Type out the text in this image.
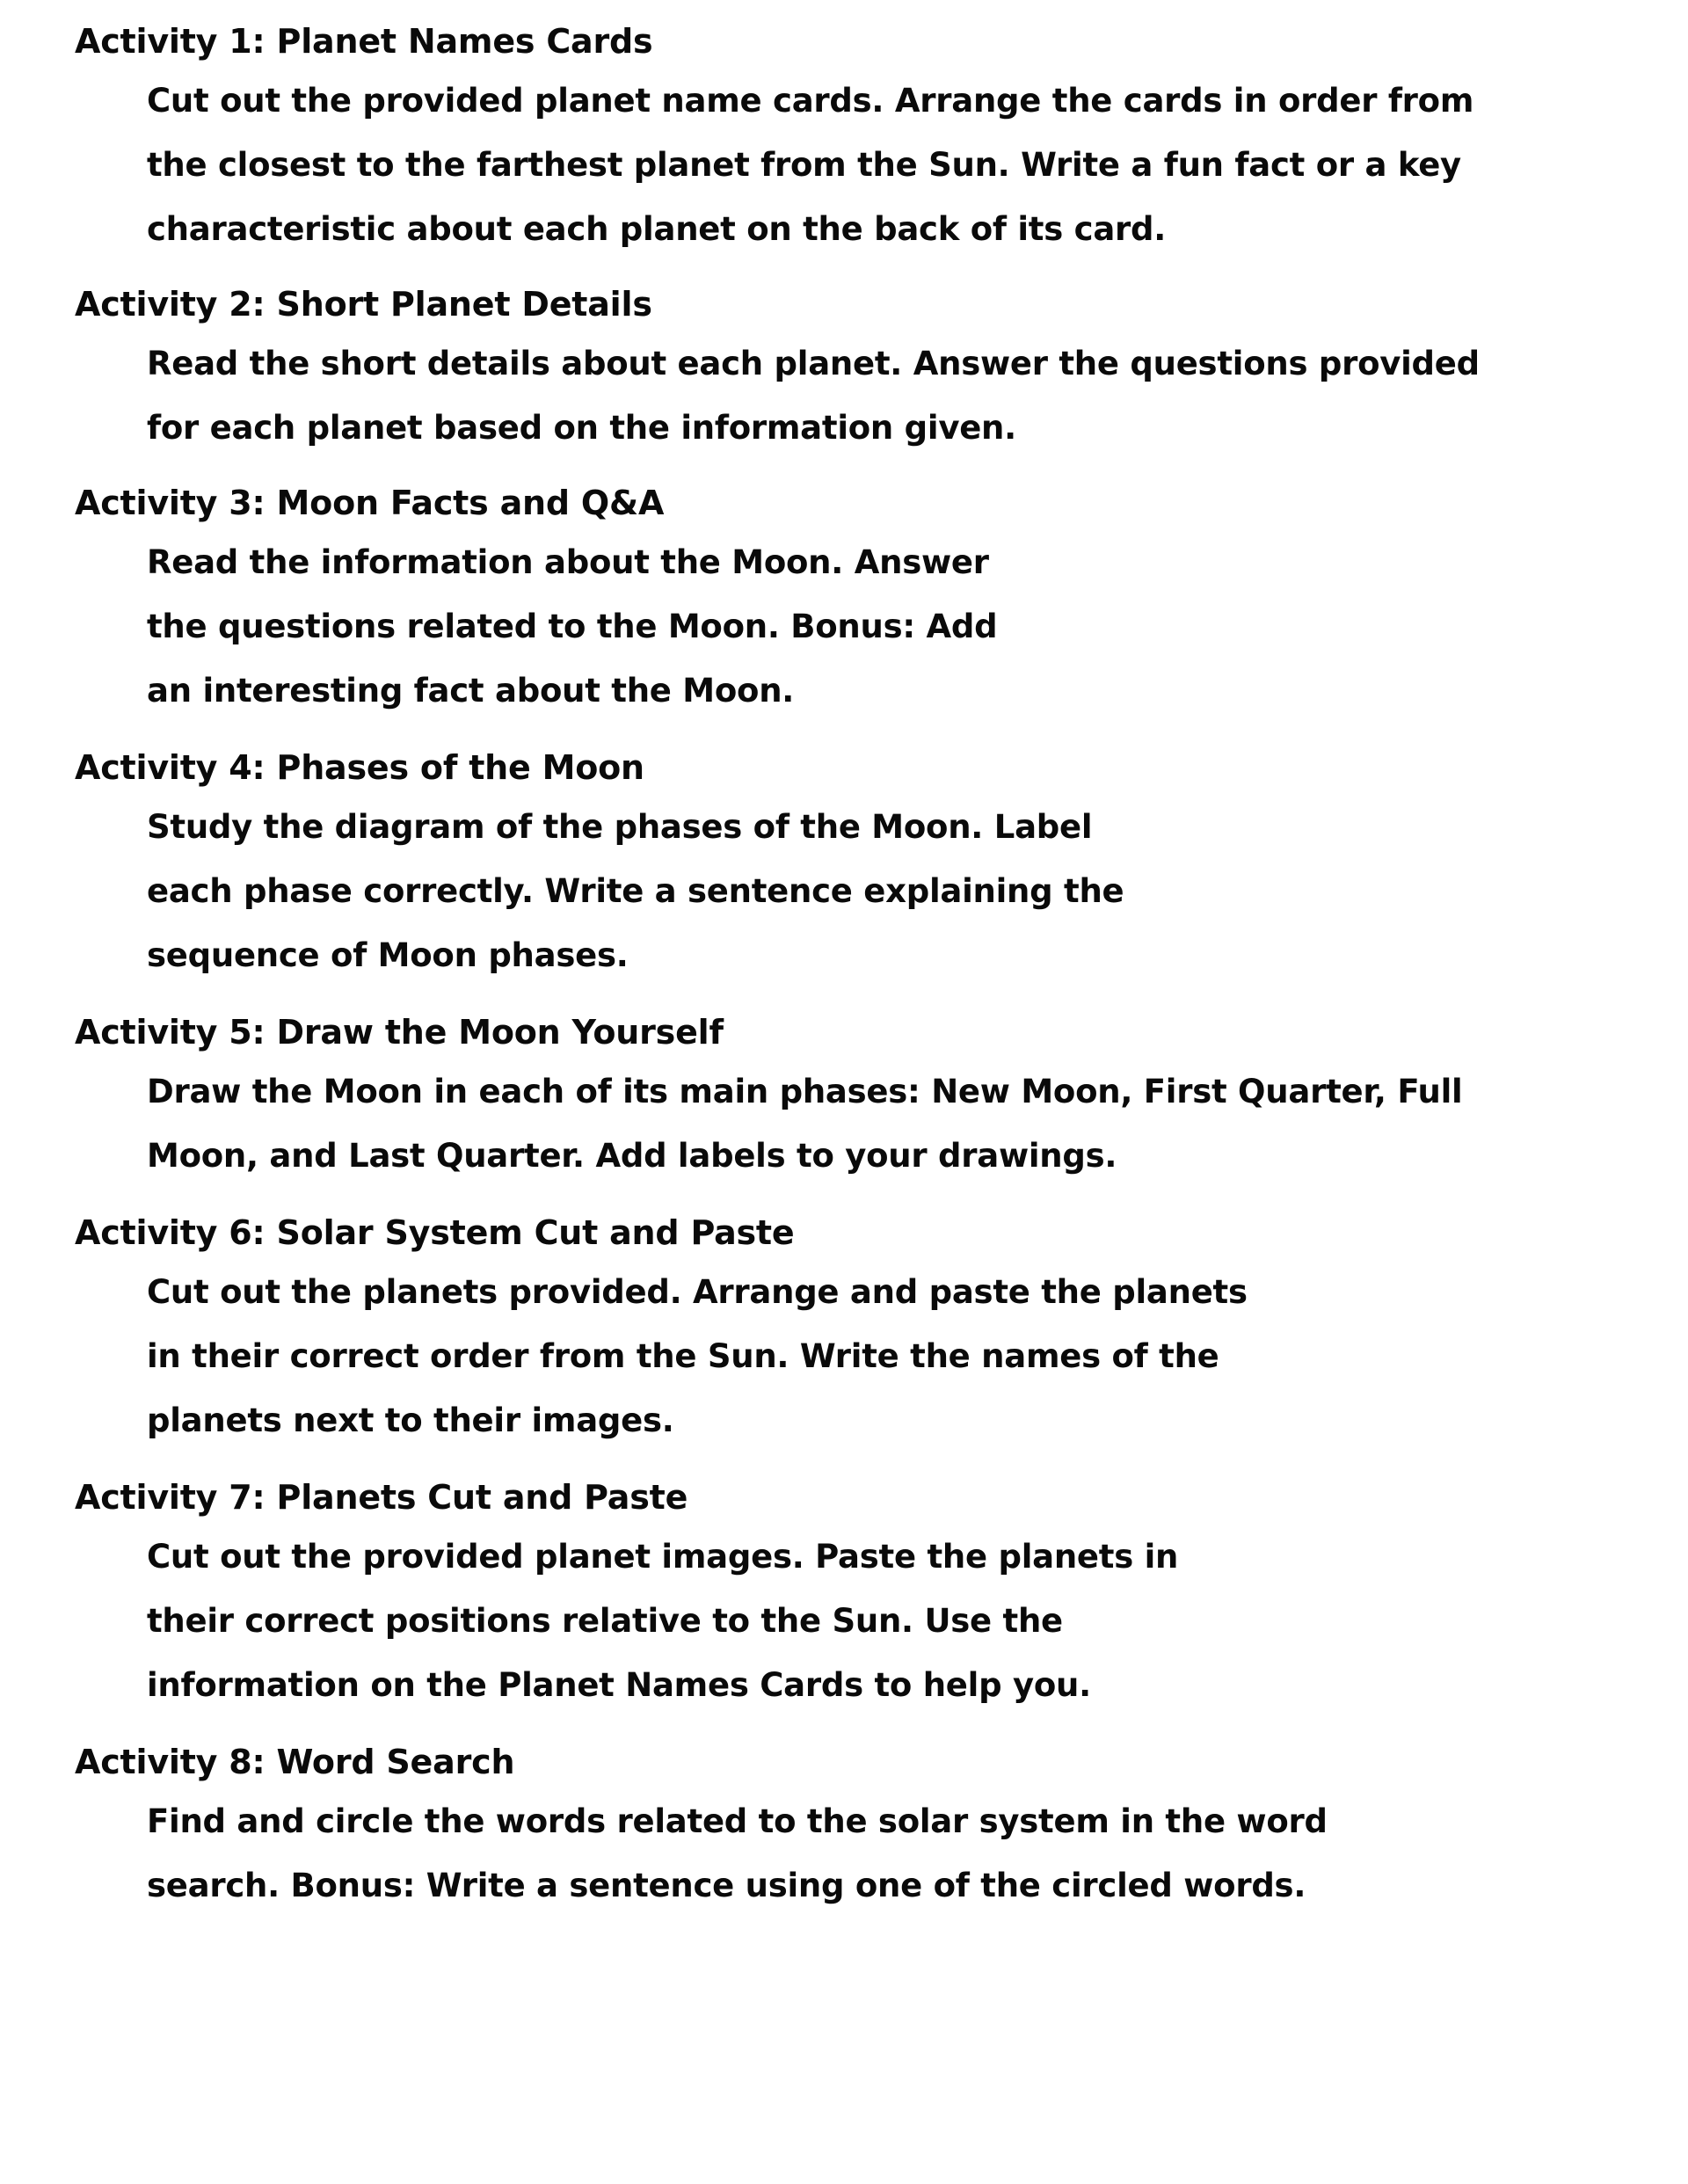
Activity 1: Planet Names Cards
Cut out the provided planet name cards. Arrange the cards in order from
the closest to the farthest planet from the Sun. Write a fun fact or a key
characteristic about each planet on the back of its card.
Activity 2: Short Planet Details
Read the short details about each planet. Answer the questions provided
for each planet based on the information given.
Activity 3: Moon Facts and Q&A
Read the information about the Moon. Answer
the questions related to the Moon. Bonus: Add
an interesting fact about the Moon.
Activity 4: Phases of the Moon
Study the diagram of the phases of the Moon. Label
each phase correctly. Write a sentence explaining the
sequence of Moon phases.
Activity 5: Draw the Moon Yourself
Draw the Moon in each of its main phases: New Moon, First Quarter, Full
Moon, and Last Quarter. Add labels to your drawings.
Activity 6: Solar System Cut and Paste
Cut out the planets provided. Arrange and paste the planets
in their correct order from the Sun. Write the names of the
planets next to their images.
Activity 7: Planets Cut and Paste
Cut out the provided planet images. Paste the planets in
their correct positions relative to the Sun. Use the
information on the Planet Names Cards to help you.
Activity 8: Word Search
Find and circle the words related to the solar system in the word
search. Bonus: Write a sentence using one of the circled words.
